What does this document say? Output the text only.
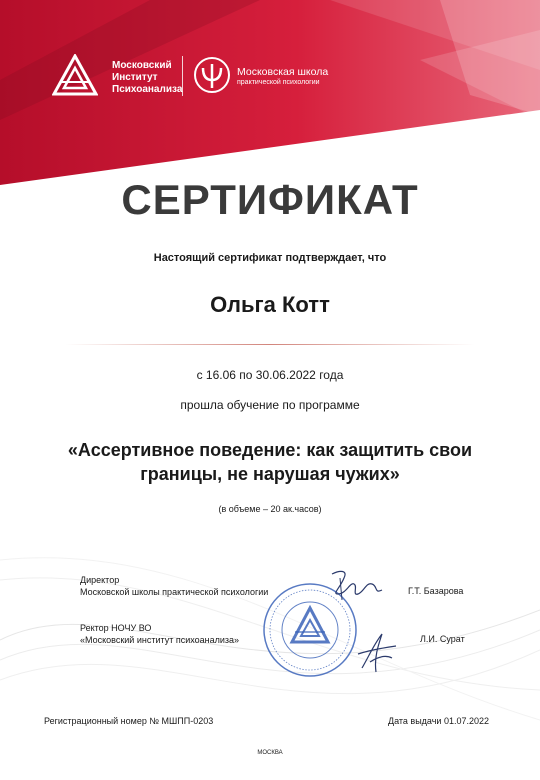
Московский
Институт
Психоанализа
Московская школа
практической психологии
СЕРТИФИКАТ
Настоящий сертификат подтверждает, что
Ольга Котт
с 16.06 по 30.06.2022 года
прошла обучение по программе
«Ассертивное поведение: как защитить свои
границы, не нарушая чужих»
(в объеме – 20 ак.часов)
Директор
Московской школы практической психологии	Г.Т. Базарова
Ректор НОЧУ ВО
«Московский институт психоанализа»	Л.И. Сурат
Регистрационный номер № МШПП-0203	Дата выдачи 01.07.2022
МОСКВА
